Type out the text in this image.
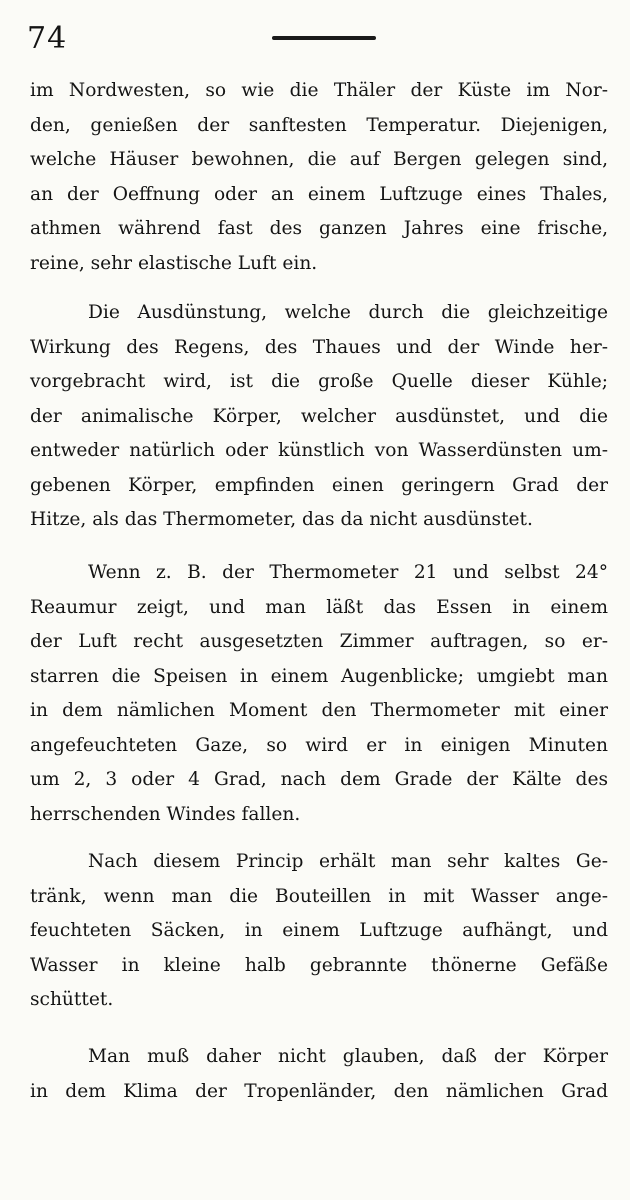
74
im Nordwesten, so wie die Thäler der Küste im Nor-
den, genießen der sanftesten Temperatur. Diejenigen,
welche Häuser bewohnen, die auf Bergen gelegen sind,
an der Oeffnung oder an einem Luftzuge eines Thales,
athmen während fast des ganzen Jahres eine frische,
reine, sehr elastische Luft ein.
Die Ausdünstung, welche durch die gleichzeitige
Wirkung des Regens, des Thaues und der Winde her-
vorgebracht wird, ist die große Quelle dieser Kühle;
der animalische Körper, welcher ausdünstet, und die
entweder natürlich oder künstlich von Wasserdünsten um-
gebenen Körper, empfinden einen geringern Grad der
Hitze, als das Thermometer, das da nicht ausdünstet.
Wenn z. B. der Thermometer 21 und selbst 24°
Reaumur zeigt, und man läßt das Essen in einem
der Luft recht ausgesetzten Zimmer auftragen, so er-
starren die Speisen in einem Augenblicke; umgiebt man
in dem nämlichen Moment den Thermometer mit einer
angefeuchteten Gaze, so wird er in einigen Minuten
um 2, 3 oder 4 Grad, nach dem Grade der Kälte des
herrschenden Windes fallen.
Nach diesem Princip erhält man sehr kaltes Ge-
tränk, wenn man die Bouteillen in mit Wasser ange-
feuchteten Säcken, in einem Luftzuge aufhängt, und
Wasser in kleine halb gebrannte thönerne Gefäße
schüttet.
Man muß daher nicht glauben, daß der Körper
in dem Klima der Tropenländer, den nämlichen Grad
